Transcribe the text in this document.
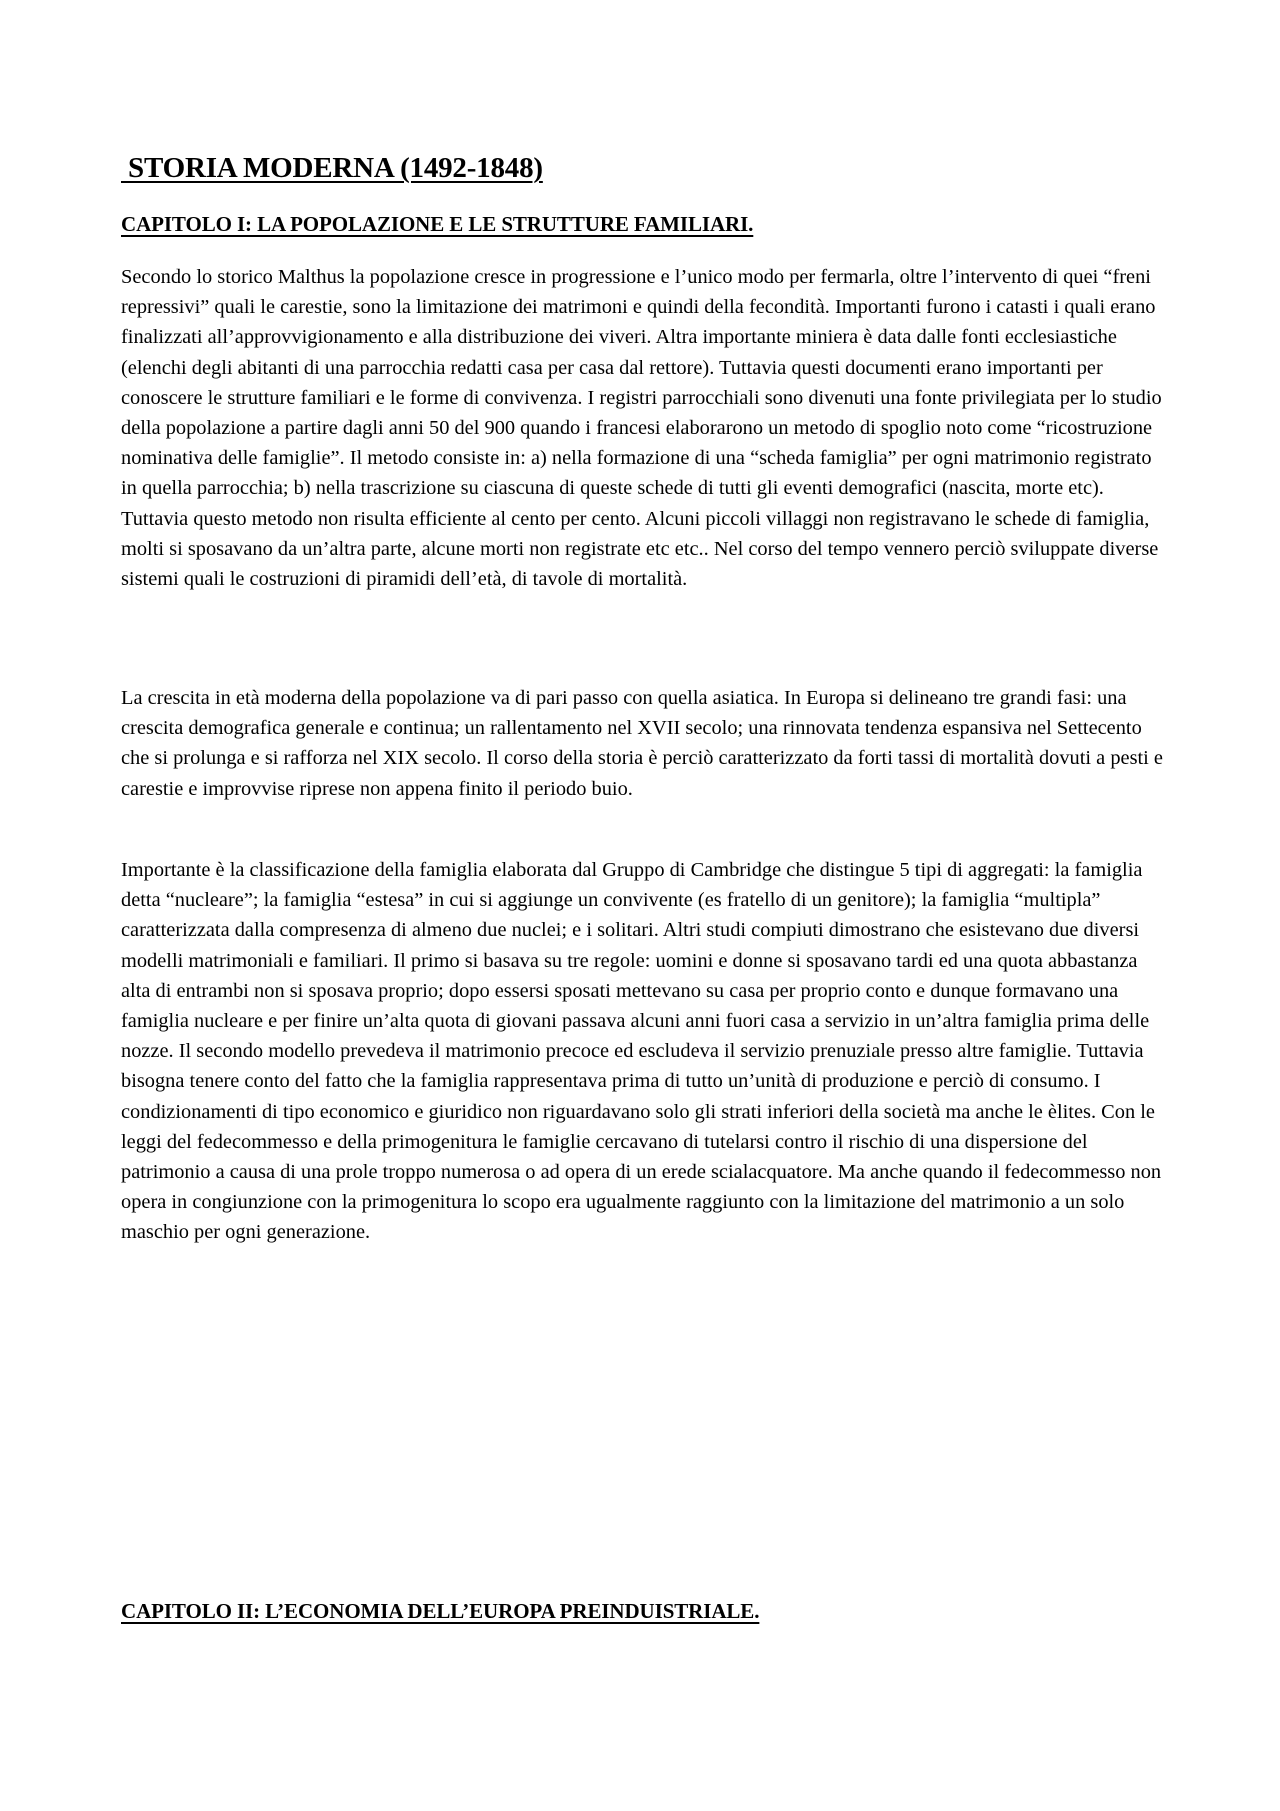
STORIA MODERNA (1492-1848)
CAPITOLO I: LA POPOLAZIONE E LE STRUTTURE FAMILIARI.

Secondo lo storico Malthus la popolazione cresce in progressione e l’unico modo per fermarla, oltre l’intervento di quei “freni repressivi” quali le carestie, sono la limitazione dei matrimoni e quindi della fecondità. Importanti furono i catasti i quali erano finalizzati all’approvvigionamento e alla distribuzione dei viveri. Altra importante miniera è data dalle fonti ecclesiastiche (elenchi degli abitanti di una parrocchia redatti casa per casa dal rettore). Tuttavia questi documenti erano importanti per conoscere le strutture familiari e le forme di convivenza. I registri parrocchiali sono divenuti una fonte privilegiata per lo studio della popolazione a partire dagli anni 50 del 900 quando i francesi elaborarono un metodo di spoglio noto come “ricostruzione nominativa delle famiglie”. Il metodo consiste in: a) nella formazione di una “scheda famiglia” per ogni matrimonio registrato in quella parrocchia; b) nella trascrizione su ciascuna di queste schede di tutti gli eventi demografici (nascita, morte etc). Tuttavia questo metodo non risulta efficiente al cento per cento. Alcuni piccoli villaggi non registravano le schede di famiglia, molti si sposavano da un’altra parte, alcune morti non registrate etc etc.. Nel corso del tempo vennero perciò sviluppate diverse sistemi quali le costruzioni di piramidi dell’età, di tavole di mortalità.

La crescita in età moderna della popolazione va di pari passo con quella asiatica. In Europa si delineano tre grandi fasi: una crescita demografica generale e continua; un rallentamento nel XVII secolo; una rinnovata tendenza espansiva nel Settecento che si prolunga e si rafforza nel XIX secolo. Il corso della storia è perciò caratterizzato da forti tassi di mortalità dovuti a pesti e carestie e improvvise riprese non appena finito il periodo buio.

Importante è la classificazione della famiglia elaborata dal Gruppo di Cambridge che distingue 5 tipi di aggregati: la famiglia detta “nucleare”; la famiglia “estesa” in cui si aggiunge un convivente (es fratello di un genitore); la famiglia “multipla” caratterizzata dalla compresenza di almeno due nuclei; e i solitari. Altri studi compiuti dimostrano che esistevano due diversi modelli matrimoniali e familiari. Il primo si basava su tre regole: uomini e donne si sposavano tardi ed una quota abbastanza alta di entrambi non si sposava proprio; dopo essersi sposati mettevano su casa per proprio conto e dunque formavano una famiglia nucleare e per finire un’alta quota di giovani passava alcuni anni fuori casa a servizio in un’altra famiglia prima delle nozze. Il secondo modello prevedeva il matrimonio precoce ed escludeva il servizio prenuziale presso altre famiglie. Tuttavia bisogna tenere conto del fatto che la famiglia rappresentava prima di tutto un’unità di produzione e perciò di consumo. I condizionamenti di tipo economico e giuridico non riguardavano solo gli strati inferiori della società ma anche le èlites. Con le leggi del fedecommesso e della primogenitura le famiglie cercavano di tutelarsi contro il rischio di una dispersione del patrimonio a causa di una prole troppo numerosa o ad opera di un erede scialacquatore. Ma anche quando il fedecommesso non opera in congiunzione con la primogenitura lo scopo era ugualmente raggiunto con la limitazione del matrimonio a un solo maschio per ogni generazione.

CAPITOLO II: L’ECONOMIA DELL’EUROPA PREINDUISTRIALE.
